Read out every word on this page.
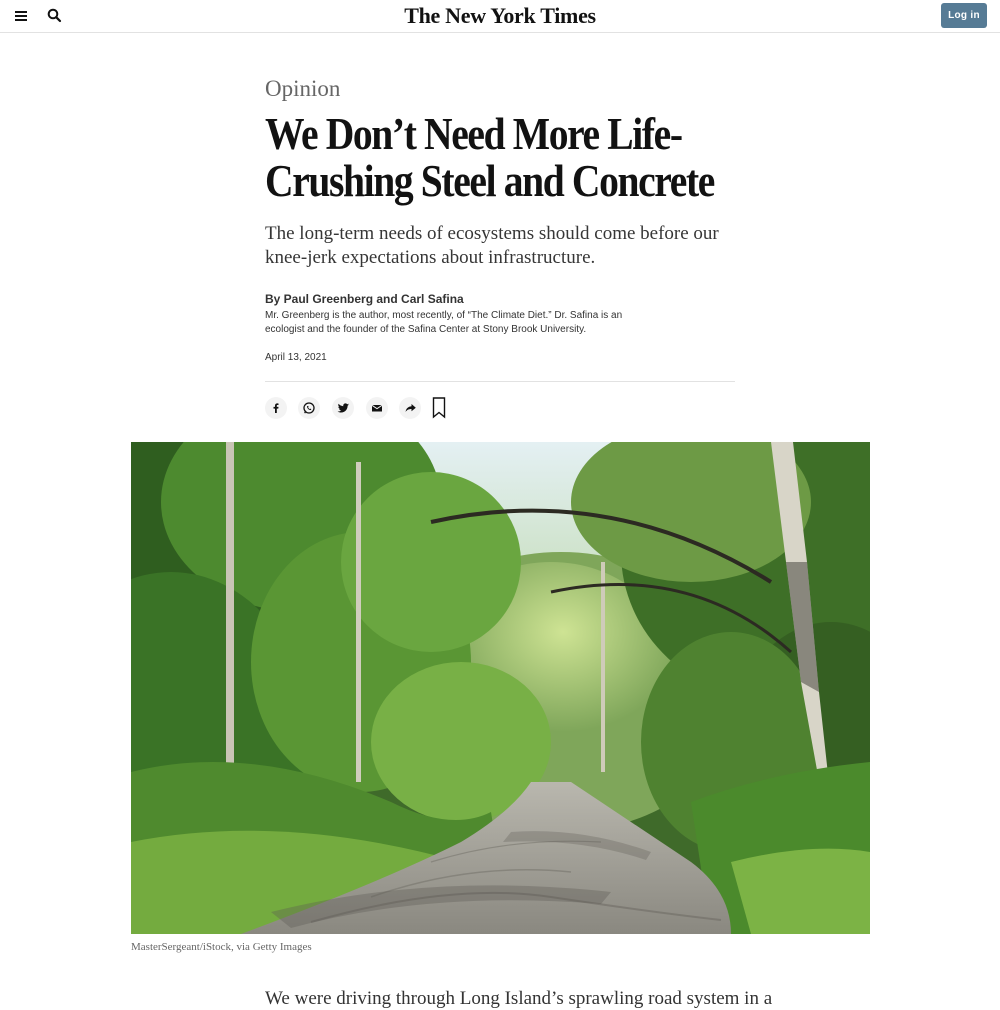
The New York Times	Log in
Opinion
We Don’t Need More Life-Crushing Steel and Concrete
The long-term needs of ecosystems should come before our knee-jerk expectations about infrastructure.
By Paul Greenberg and Carl Safina
Mr. Greenberg is the author, most recently, of “The Climate Diet.” Dr. Safina is an ecologist and the founder of the Safina Center at Stony Brook University.
April 13, 2021
MasterSergeant/iStock, via Getty Images
We were driving through Long Island’s sprawling road system in a
